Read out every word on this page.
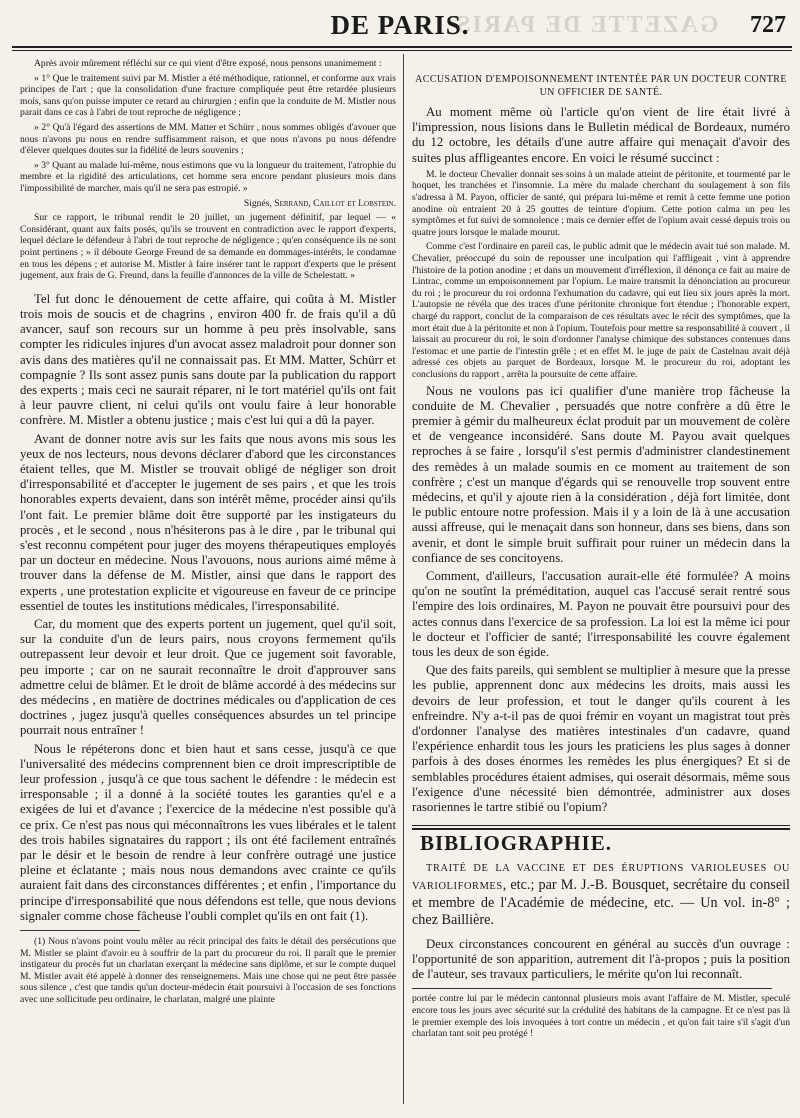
GAZETTE DE PARIS
DE PARIS.	727

Après avoir mûrement réfléchi sur ce qui vient d'être exposé, nous pensons unanimement :

» 1° Que le traitement suivi par M. Mistler a été méthodique, rationnel, et conforme aux vrais principes de l'art ; que la consolidation d'une fracture compliquée peut être retardée plusieurs mois, sans qu'on puisse imputer ce retard au chirurgien ; enfin que la conduite de M. Mistler nous parait dans ce cas à l'abri de tout reproche de négligence ;

» 2° Qu'à l'égard des assertions de MM. Matter et Schürr , nous sommes obligés d'avouer que nous n'avons pu nous en rendre suffisamment raison, et que nous n'avons pu nous défendre d'élever quelques doutes sur la fidélité de leurs souvenirs ;

» 3° Quant au malade lui-même, nous estimons que vu la longueur du traitement, l'atrophie du membre et la rigidité des articulations, cet homme sera encore pendant plusieurs mois dans l'impossibilité de marcher, mais qu'il ne sera pas estropié. »

Signés, Serrand, Caillot et Lobstein.

Sur ce rapport, le tribunal rendit le 20 juillet, un jugement définitif, par lequel — « Considérant, quant aux faits posés, qu'ils se trouvent en contradiction avec le rapport d'experts, lequel déclare le défendeur à l'abri de tout reproche de négligence ; qu'en conséquence ils ne sont point pertinens ; » il déboute George Freund de sa demande en dommages-intérêts, le condamne en tous les dépens ; et autorise M. Mistler à faire insérer tant le rapport d'experts que le présent jugement, aux frais de G. Freund, dans la feuille d'annonces de la ville de Schelestatt. »

Tel fut donc le dénouement de cette affaire, qui coûta à M. Mistler trois mois de soucis et de chagrins , environ 400 fr. de frais qu'il a dû avancer, sauf son recours sur un homme à peu près insolvable, sans compter les ridicules injures d'un avocat assez maladroit pour donner son avis dans des matières qu'il ne connaissait pas. Et MM. Matter, Schürr et compagnie ? Ils sont assez punis sans doute par la publication du rapport des experts ; mais ceci ne saurait réparer, ni le tort matériel qu'ils ont fait à leur pauvre client, ni celui qu'ils ont voulu faire à leur honorable confrère. M. Mistler a obtenu justice ; mais c'est lui qui a dû la payer.

Avant de donner notre avis sur les faits que nous avons mis sous les yeux de nos lecteurs, nous devons déclarer d'abord que les circonstances étaient telles, que M. Mistler se trouvait obligé de négliger son droit d'irresponsabilité et d'accepter le jugement de ses pairs , et que les trois honorables experts devaient, dans son intérêt même, procéder ainsi qu'ils l'ont fait. Le premier blâme doit être supporté par les instigateurs du procès , et le second , nous n'hésiterons pas à le dire , par le tribunal qui s'est reconnu compétent pour juger des moyens thérapeutiques employés par un docteur en médecine. Nous l'avouons, nous aurions aimé même à trouver dans la défense de M. Mistler, ainsi que dans le rapport des experts , une protestation explicite et vigoureuse en faveur de ce principe essentiel de toutes les institutions médicales, l'irresponsabilité.

Car, du moment que des experts portent un jugement, quel qu'il soit, sur la conduite d'un de leurs pairs, nous croyons fermement qu'ils outrepassent leur devoir et leur droit. Que ce jugement soit favorable, peu importe ; car on ne saurait reconnaître le droit d'approuver sans admettre celui de blâmer. Et le droit de blâme accordé à des médecins sur des médecins , en matière de doctrines médicales ou d'application de ces doctrines , jugez jusqu'à quelles conséquences absurdes un tel principe pourrait nous entraîner !

Nous le répéterons donc et bien haut et sans cesse, jusqu'à ce que l'universalité des médecins comprennent bien ce droit imprescriptible de leur profession , jusqu'à ce que tous sachent le défendre : le médecin est irresponsable ; il a donné à la société toutes les garanties qu'el e a exigées de lui et d'avance ; l'exercice de la médecine n'est possible qu'à ce prix. Ce n'est pas nous qui méconnaîtrons les vues libérales et le talent des trois habiles signataires du rapport ; ils ont été facilement entraînés par le désir et le besoin de rendre à leur confrère outragé une justice pleine et éclatante ; mais nous nous demandons avec crainte ce qu'ils auraient fait dans des circonstances différentes ; et enfin , l'importance du principe d'irresponsabilité que nous défendons est telle, que nous devions signaler comme chose fâcheuse l'oubli complet qu'ils en ont fait (1).

(1) Nous n'avons point voulu mêler au récit principal des faits le détail des persécutions que M. Mistler se plaint d'avoir eu à souffrir de la part du procureur du roi. Il paraît que le premier instigateur du procès fut un charlatan exerçant la médecine sans diplôme, et sur le compte duquel M. Mistler avait été appelé à donner des renseignemens. Mais une chose qui ne peut être passée sous silence , c'est que tandis qu'un docteur-médecin était poursuivi à l'occasion de ses fonctions avec une sollicitude peu ordinaire, le charlatan, malgré une plainte

ACCUSATION D'EMPOISONNEMENT INTENTÉE PAR UN DOCTEUR CONTRE UN OFFICIER DE SANTÉ.

Au moment même où l'article qu'on vient de lire était livré à l'impression, nous lisions dans le Bulletin médical de Bordeaux, numéro du 12 octobre, les détails d'une autre affaire qui menaçait d'avoir des suites plus affligeantes encore. En voici le résumé succinct :

M. le docteur Chevalier donnait ses soins à un malade atteint de péritonite, et tourmenté par le hoquet, les tranchées et l'insomnie. La mère du malade cherchant du soulagement à son fils s'adressa à M. Payon, officier de santé, qui prépara lui-même et remit à cette femme une potion anodine où entraient 20 à 25 gouttes de teinture d'opium. Cette potion calma un peu les symptômes et fut suivi de somnolence ; mais ce dernier effet de l'opium avait cessé depuis trois ou quatre jours lorsque le malade mourut.

Comme c'est l'ordinaire en pareil cas, le public admit que le médecin avait tué son malade. M. Chevalier, préoccupé du soin de repousser une inculpation qui l'affligeait , vint à apprendre l'histoire de la potion anodine ; et dans un mouvement d'irréflexion, il dénonça ce fait au maire de Lintrac, comme un empoisonnement par l'opium. Le maire transmit la dénonciation au procureur du roi ; le procureur du roi ordonna l'exhumation du cadavre, qui eut lieu six jours après la mort. L'autopsie ne révéla que des traces d'une péritonite chronique fort étendue ; l'honorable expert, chargé du rapport, conclut de la comparaison de ces résultats avec le récit des symptômes, que la mort était due à la péritonite et non à l'opium. Toutefois pour mettre sa responsabilité à couvert , il laissait au procureur du roi, le soin d'ordonner l'analyse chimique des substances contenues dans l'estomac et une partie de l'intestin grêle ; et en effet M. le juge de paix de Castelnau avait déjà adressé ces objets au parquet de Bordeaux, lorsque M. le procureur du roi, adoptant les conclusions du rapport , arrêta la poursuite de cette affaire.

Nous ne voulons pas ici qualifier d'une manière trop fâcheuse la conduite de M. Chevalier , persuadés que notre confrère a dû être le premier à gémir du malheureux éclat produit par un mouvement de colère et de vengeance inconsidéré. Sans doute M. Payou avait quelques reproches à se faire , lorsqu'il s'est permis d'administrer clandestinement des remèdes à un malade soumis en ce moment au traitement de son confrère ; c'est un manque d'égards qui se renouvelle trop souvent entre médecins, et qu'il y ajoute rien à la considération , déjà fort limitée, dont le public entoure notre profession. Mais il y a loin de là à une accusation aussi affreuse, qui le menaçait dans son honneur, dans ses biens, dans son avenir, et dont le simple bruit suffirait pour ruiner un médecin dans la confiance de ses concitoyens.

Comment, d'ailleurs, l'accusation aurait-elle été formulée? A moins qu'on ne soutînt la préméditation, auquel cas l'accusé serait rentré sous l'empire des lois ordinaires, M. Payon ne pouvait être poursuivi pour des actes connus dans l'exercice de sa profession. La loi est la même ici pour le docteur et l'officier de santé; l'irresponsabilité les couvre également tous les deux de son égide.

Que des faits pareils, qui semblent se multiplier à mesure que la presse les publie, apprennent donc aux médecins les droits, mais aussi les devoirs de leur profession, et tout le danger qu'ils courent à les enfreindre. N'y a-t-il pas de quoi frémir en voyant un magistrat tout près d'ordonner l'analyse des matières intestinales d'un cadavre, quand l'expérience enhardit tous les jours les praticiens les plus sages à donner parfois à des doses énormes les remèdes les plus énergiques? Et si de semblables procédures étaient admises, qui oserait désormais, même sous l'exigence d'une nécessité bien démontrée, administrer aux doses rasoriennes le tartre stibié ou l'opium?

BIBLIOGRAPHIE.

TRAITÉ DE LA VACCINE ET DES ÉRUPTIONS VARIOLEUSES OU VARIOLIFORMES, etc.; par M. J.-B. Bousquet, secrétaire du conseil et membre de l'Académie de médecine, etc. — Un vol. in-8° ; chez Baillière.

Deux circonstances concourent en général au succès d'un ouvrage : l'opportunité de son apparition, autrement dit l'à-propos ; puis la position de l'auteur, ses travaux particuliers, le mérite qu'on lui reconnaît.

portée contre lui par le médecin cantonnal plusieurs mois avant l'affaire de M. Mistler, speculé encore tous les jours avec sécurité sur la crédulité des habitans de la campagne. Et ce n'est pas là le premier exemple des lois invoquées à tort contre un médecin , et qu'on fait taire s'il s'agit d'un charlatan tant soit peu protégé !
